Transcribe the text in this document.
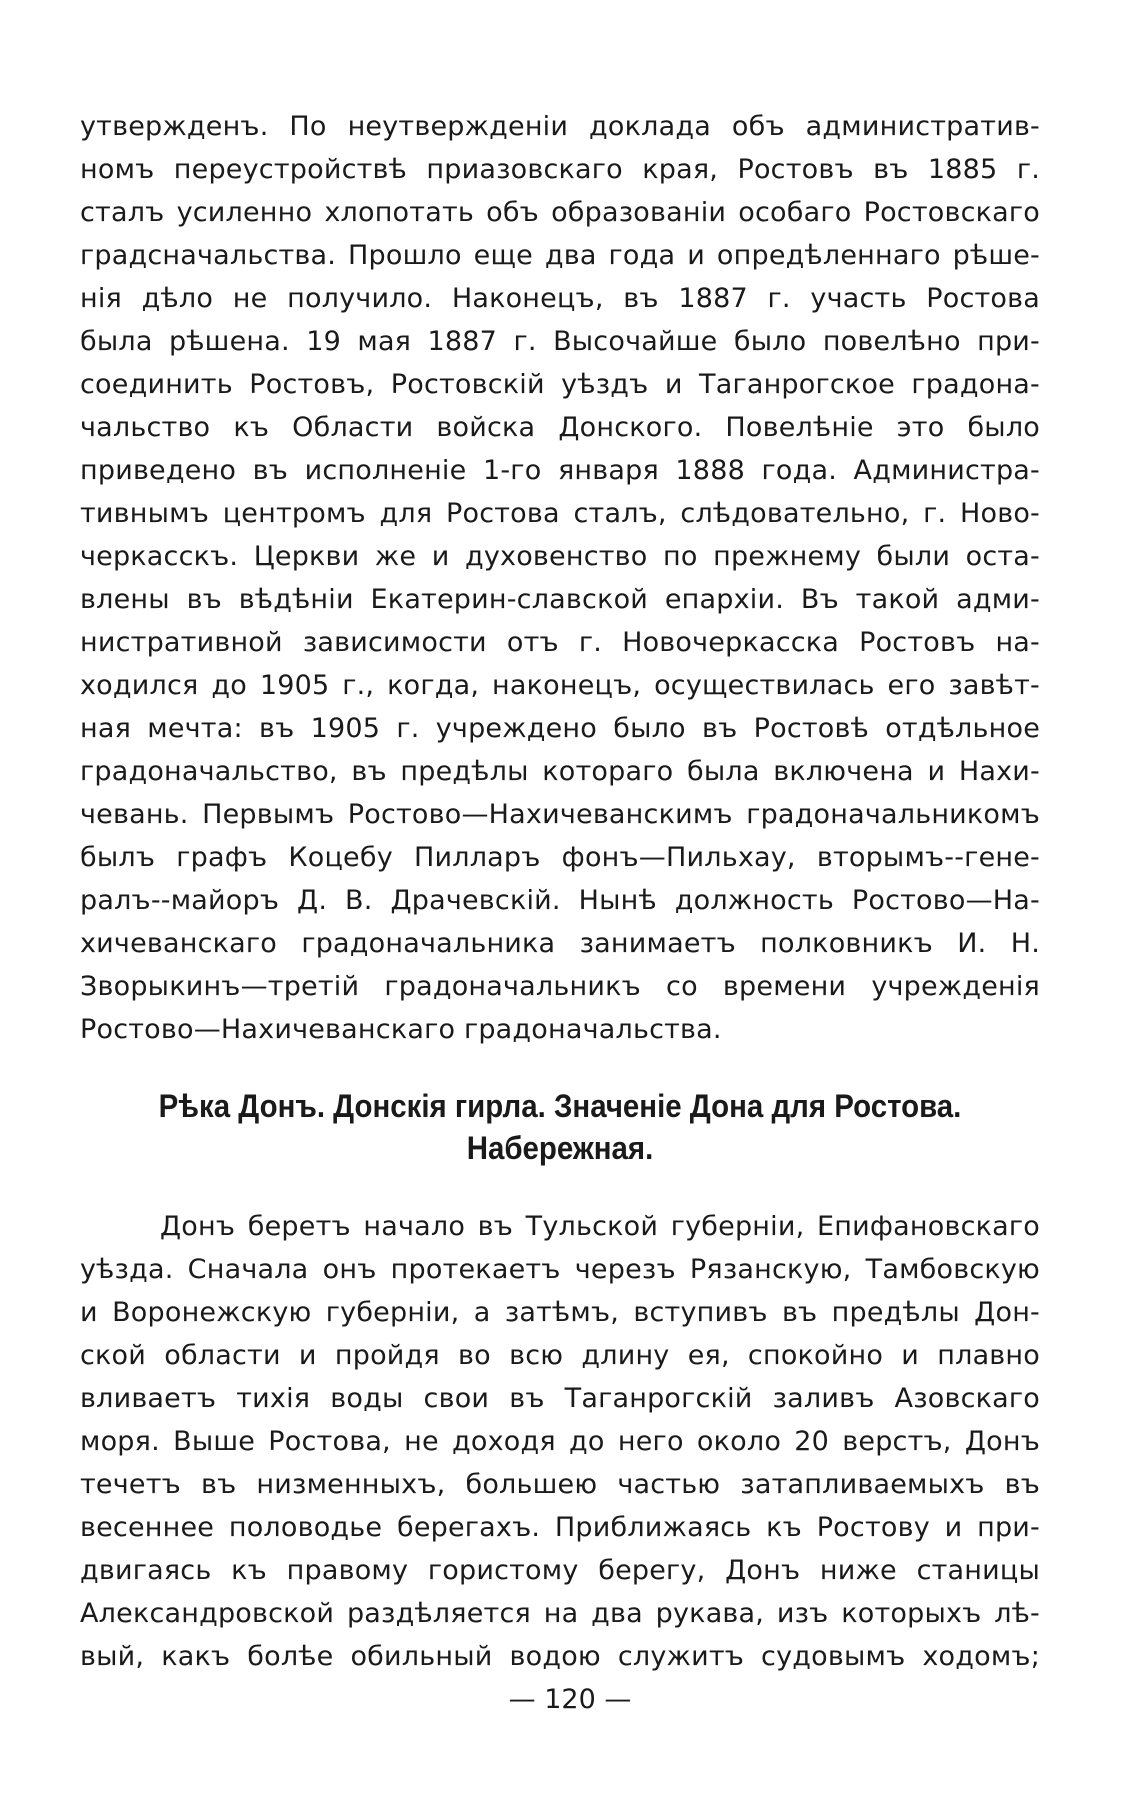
утвержденъ. По неутвержденіи доклада объ административ-
номъ переустройствѣ приазовскаго края, Ростовъ въ 1885 г.
сталъ усиленно хлопотать объ образованіи особаго Ростовскаго
градсначальства. Прошло еще два года и опредѣленнаго рѣше-
нія дѣло не получило. Наконецъ, въ 1887 г. участь Ростова
была рѣшена. 19 мая 1887 г. Высочайше было повелѣно при-
соединить Ростовъ, Ростовскій уѣздъ и Таганрогское градона-
чальство къ Области войска Донского. Повелѣніе это было
приведено въ исполненіе 1-го января 1888 года. Администра-
тивнымъ центромъ для Ростова сталъ, слѣдовательно, г. Ново-
черкасскъ. Церкви же и духовенство по прежнему были оста-
влены въ вѣдѣніи Екатерин-славской епархіи. Въ такой адми-
нистративной зависимости отъ г. Новочеркасска Ростовъ на-
ходился до 1905 г., когда, наконецъ, осуществилась его завѣт-
ная мечта: въ 1905 г. учреждено было въ Ростовѣ отдѣльное
градоначальство, въ предѣлы котораго была включена и Нахи-
чевань. Первымъ Ростово—Нахичеванскимъ градоначальникомъ
былъ графъ Коцебу Пилларъ фонъ—Пильхау, вторымъ--гене-
ралъ--майоръ Д. В. Драчевскій. Нынѣ должность Ростово—На-
хичеванскаго градоначальника занимаетъ полковникъ И. Н.
Зворыкинъ—третій градоначальникъ со времени учрежденія
Ростово—Нахичеванскаго градоначальства.
Рѣка Донъ. Донскія гирла. Значеніе Дона для Ростова.
Набережная.
Донъ беретъ начало въ Тульской губерніи, Епифановскаго
уѣзда. Сначала онъ протекаетъ черезъ Рязанскую, Тамбовскую
и Воронежскую губерніи, а затѣмъ, вступивъ въ предѣлы Дон-
ской области и пройдя во всю длину ея, спокойно и плавно
вливаетъ тихія воды свои въ Таганрогскій заливъ Азовскаго
моря. Выше Ростова, не доходя до него около 20 верстъ, Донъ
течетъ въ низменныхъ, большею частью затапливаемыхъ въ
весеннее половодье берегахъ. Приближаясь къ Ростову и при-
двигаясь къ правому гористому берегу, Донъ ниже станицы
Александровской раздѣляется на два рукава, изъ которыхъ лѣ-
вый, какъ болѣе обильный водою служитъ судовымъ ходомъ;
— 120 —
